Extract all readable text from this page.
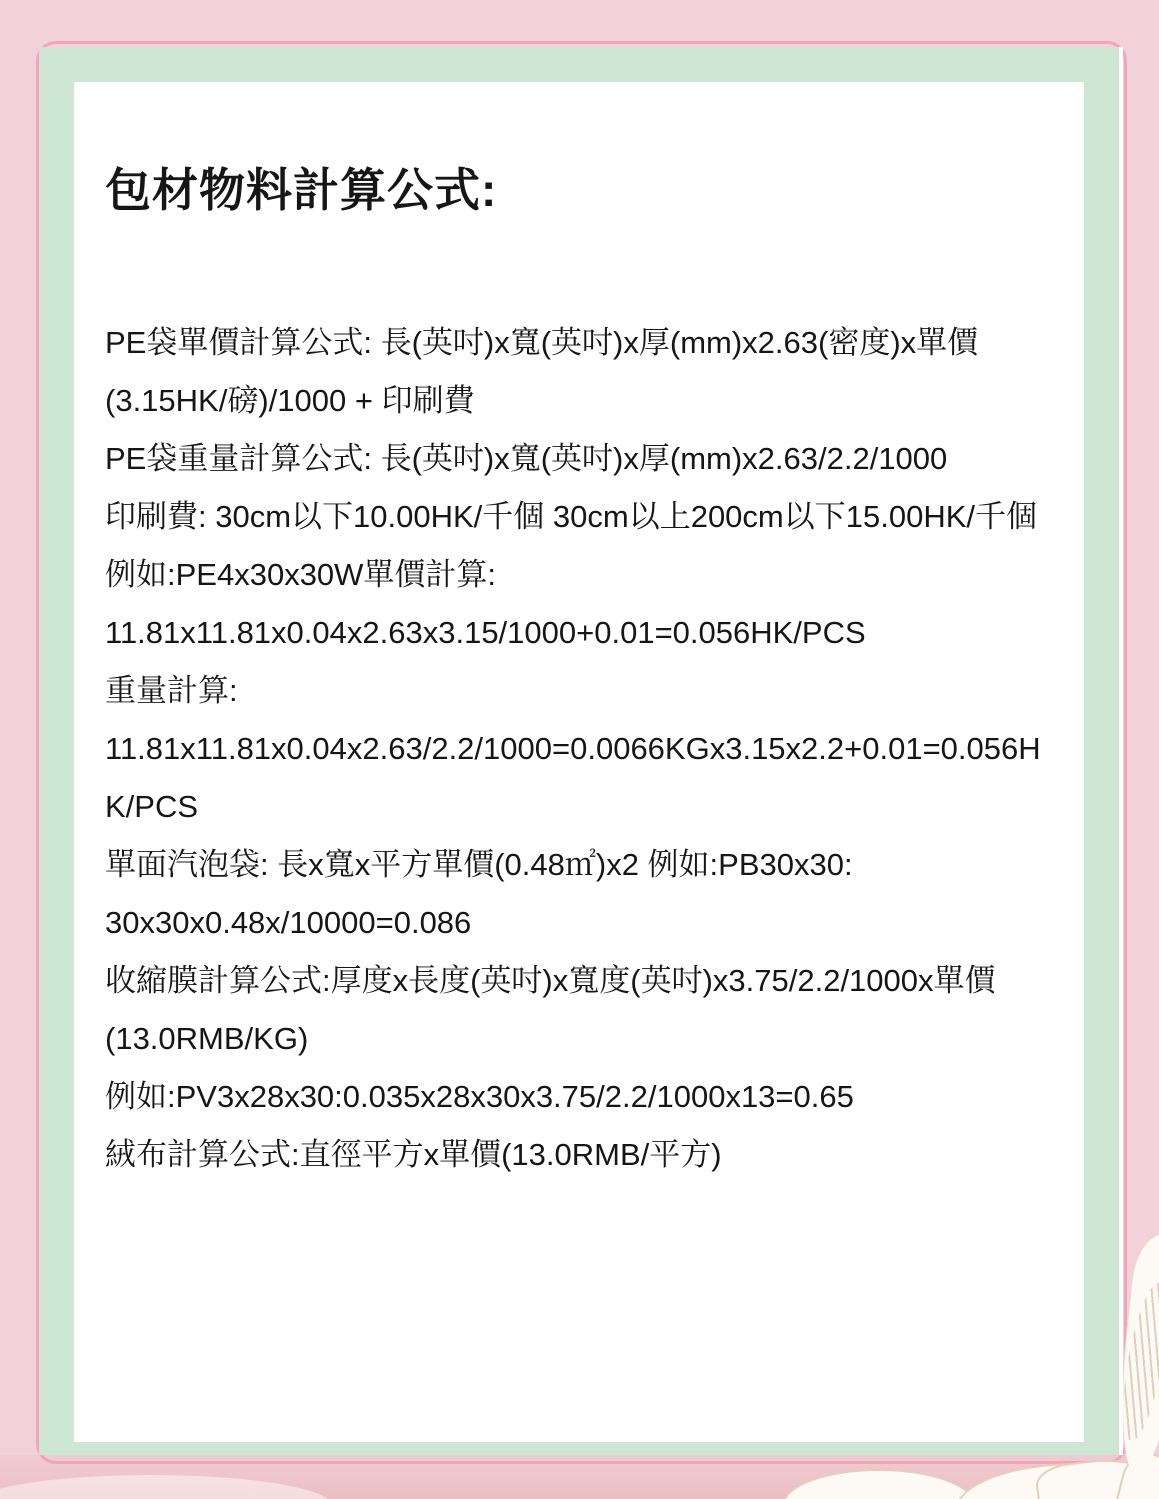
包材物料計算公式:
PE袋單價計算公式: 長(英吋)x寬(英吋)x厚(mm)x2.63(密度)x單價
(3.15HK/磅)/1000 + 印刷費
PE袋重量計算公式: 長(英吋)x寬(英吋)x厚(mm)x2.63/2.2/1000
印刷費: 30cm以下10.00HK/千個 30cm以上200cm以下15.00HK/千個
例如:PE4x30x30W單價計算:
11.81x11.81x0.04x2.63x3.15/1000+0.01=0.056HK/PCS
重量計算:
11.81x11.81x0.04x2.63/2.2/1000=0.0066KGx3.15x2.2+0.01=0.056H
K/PCS
單面汽泡袋: 長x寬x平方單價(0.48㎡)x2 例如:PB30x30:
30x30x0.48x/10000=0.086
收縮膜計算公式:厚度x長度(英吋)x寬度(英吋)x3.75/2.2/1000x單價
(13.0RMB/KG)
例如:PV3x28x30:0.035x28x30x3.75/2.2/1000x13=0.65
絨布計算公式:直徑平方x單價(13.0RMB/平方)
